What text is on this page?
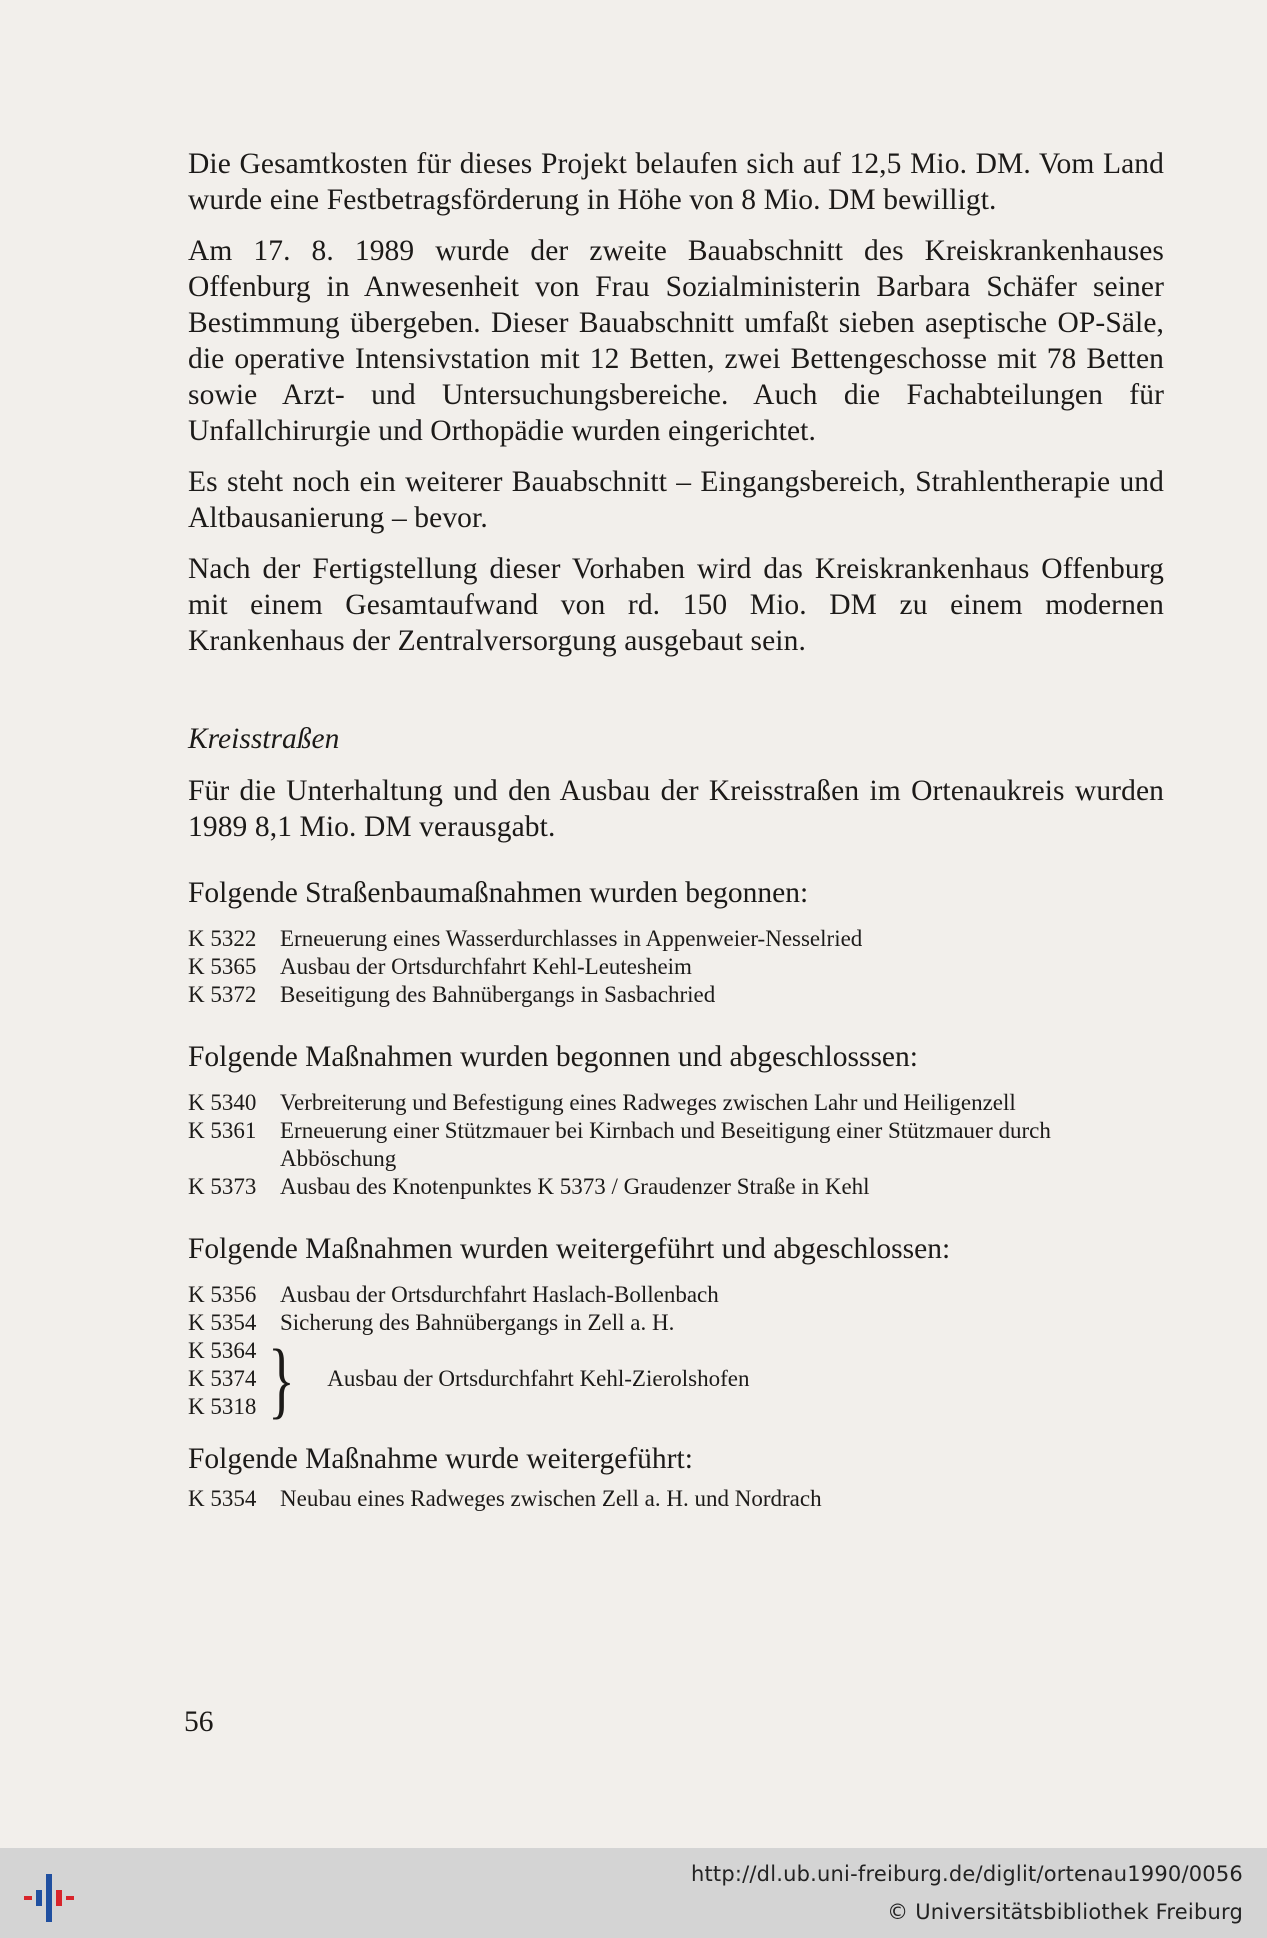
Die Gesamtkosten für dieses Projekt belaufen sich auf 12,5 Mio. DM. Vom Land wurde eine Festbetragsförderung in Höhe von 8 Mio. DM bewilligt.

Am 17. 8. 1989 wurde der zweite Bauabschnitt des Kreiskrankenhauses Offenburg in Anwesenheit von Frau Sozialministerin Barbara Schäfer seiner Bestimmung übergeben. Dieser Bauabschnitt umfaßt sieben aseptische OP-Säle, die operative Intensivstation mit 12 Betten, zwei Bettengeschosse mit 78 Betten sowie Arzt- und Untersuchungsbereiche. Auch die Fachabteilungen für Unfallchirurgie und Orthopädie wurden eingerichtet.

Es steht noch ein weiterer Bauabschnitt – Eingangsbereich, Strahlentherapie und Altbausanierung – bevor.

Nach der Fertigstellung dieser Vorhaben wird das Kreiskrankenhaus Offenburg mit einem Gesamtaufwand von rd. 150 Mio. DM zu einem modernen Krankenhaus der Zentralversorgung ausgebaut sein.

Kreisstraßen

Für die Unterhaltung und den Ausbau der Kreisstraßen im Ortenaukreis wurden 1989 8,1 Mio. DM verausgabt.

Folgende Straßenbaumaßnahmen wurden begonnen:
K 5322	Erneuerung eines Wasserdurchlasses in Appenweier-Nesselried
K 5365	Ausbau der Ortsdurchfahrt Kehl-Leutesheim
K 5372	Beseitigung des Bahnübergangs in Sasbachried
Folgende Maßnahmen wurden begonnen und abgeschlosssen:
K 5340	Verbreiterung und Befestigung eines Radweges zwischen Lahr und Heiligenzell
K 5361	Erneuerung einer Stützmauer bei Kirnbach und Beseitigung einer Stützmauer durch Abböschung
K 5373	Ausbau des Knotenpunktes K 5373 / Graudenzer Straße in Kehl
Folgende Maßnahmen wurden weitergeführt und abgeschlossen:
K 5356	Ausbau der Ortsdurchfahrt Haslach-Bollenbach
K 5354	Sicherung des Bahnübergangs in Zell a. H.
K 5364
K 5374
K 5318 } Ausbau der Ortsdurchfahrt Kehl-Zierolshofen
Folgende Maßnahme wurde weitergeführt:
K 5354	Neubau eines Radweges zwischen Zell a. H. und Nordrach
56
http://dl.ub.uni-freiburg.de/diglit/ortenau1990/0056
© Universitätsbibliothek Freiburg
